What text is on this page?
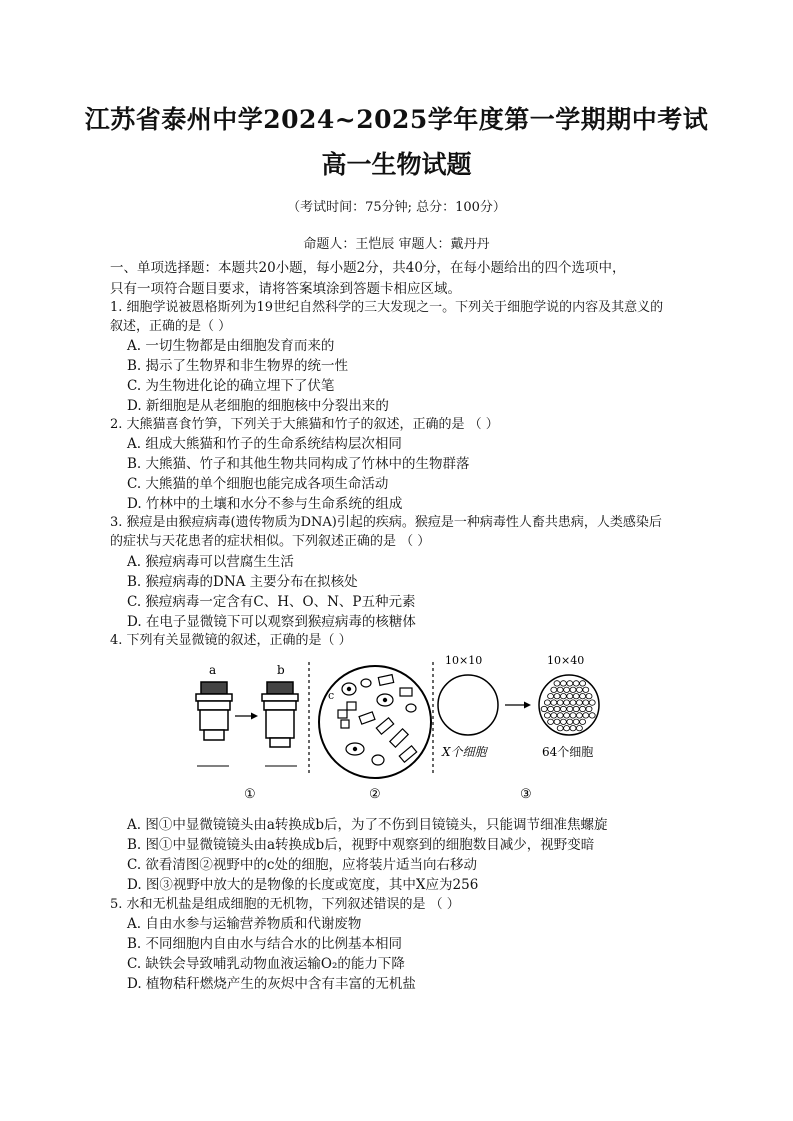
江苏省泰州中学2024~2025学年度第一学期期中考试
高一生物试题
（考试时间：75分钟; 总分：100分）
命题人：王恺辰 审题人：戴丹丹
一、单项选择题：本题共20小题，每小题2分，共40分，在每小题给出的四个选项中，
只有一项符合题目要求，请将答案填涂到答题卡相应区域。
1. 细胞学说被恩格斯列为19世纪自然科学的三大发现之一。下列关于细胞学说的内容及其意义的
叙述，正确的是（ ）
A. 一切生物都是由细胞发育而来的
B. 揭示了生物界和非生物界的统一性
C. 为生物进化论的确立埋下了伏笔
D. 新细胞是从老细胞的细胞核中分裂出来的
2. 大熊猫喜食竹笋，下列关于大熊猫和竹子的叙述，正确的是 （ ）
A. 组成大熊猫和竹子的生命系统结构层次相同
B. 大熊猫、竹子和其他生物共同构成了竹林中的生物群落
C. 大熊猫的单个细胞也能完成各项生命活动
D. 竹林中的土壤和水分不参与生命系统的组成
3. 猴痘是由猴痘病毒(遗传物质为DNA)引起的疾病。猴痘是一种病毒性人畜共患病，人类感染后
的症状与天花患者的症状相似。下列叙述正确的是 （ ）
A. 猴痘病毒可以营腐生生活
B. 猴痘病毒的DNA 主要分布在拟核处
C. 猴痘病毒一定含有C、H、O、N、P五种元素
D. 在电子显微镜下可以观察到猴痘病毒的核糖体
4. 下列有关显微镜的叙述，正确的是（ ）
a	b
c
10×10	10×40
X个细胞	64个细胞
①	②	③
A. 图①中显微镜镜头由a转换成b后，为了不伤到目镜镜头，只能调节细准焦螺旋
B. 图①中显微镜镜头由a转换成b后，视野中观察到的细胞数目减少，视野变暗
C. 欲看清图②视野中的c处的细胞，应将装片适当向右移动
D. 图③视野中放大的是物像的长度或宽度，其中X应为256
5. 水和无机盐是组成细胞的无机物，下列叙述错误的是 （ ）
A. 自由水参与运输营养物质和代谢废物
B. 不同细胞内自由水与结合水的比例基本相同
C. 缺铁会导致哺乳动物血液运输O₂的能力下降
D. 植物秸秆燃烧产生的灰烬中含有丰富的无机盐
